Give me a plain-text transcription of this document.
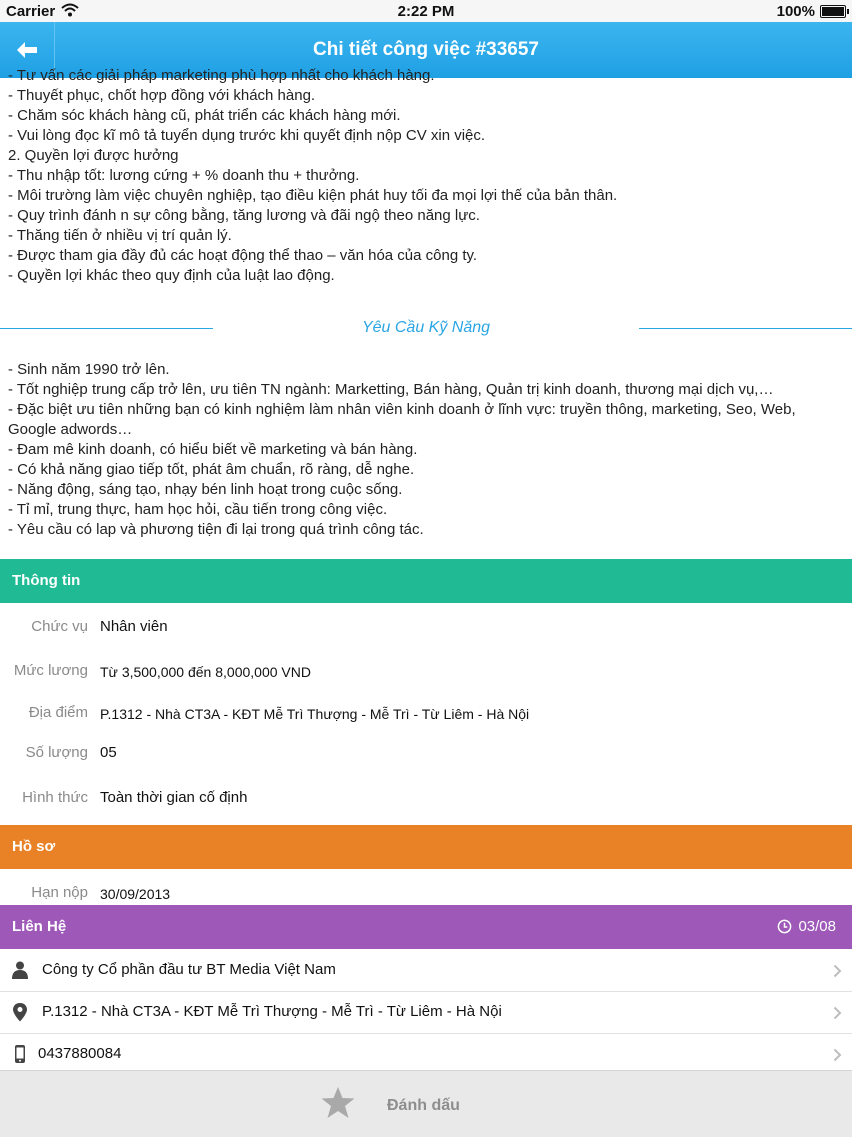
Carrier	2:22 PM	100%
Chi tiết công việc #33657
- Tư vấn các giải pháp marketing phù hợp nhất cho khách hàng.
- Thuyết phục, chốt hợp đồng với khách hàng.
- Chăm sóc khách hàng cũ, phát triển các khách hàng mới.
- Vui lòng đọc kĩ mô tả tuyển dụng trước khi quyết định nộp CV xin việc.
2. Quyền lợi được hưởng
- Thu nhập tốt: lương cứng + % doanh thu + thưởng.
- Môi trường làm việc chuyên nghiệp, tạo điều kiện phát huy tối đa mọi lợi thế của bản thân.
- Quy trình đánh n sự công bằng, tăng lương và đãi ngộ theo năng lực.
- Thăng tiến ở nhiều vị trí quản lý.
- Được tham gia đầy đủ các hoạt động thể thao – văn hóa của công ty.
- Quyền lợi khác theo quy định của luật lao động.
Yêu Cầu Kỹ Năng
- Sinh năm 1990 trở lên.
- Tốt nghiệp trung cấp trở lên, ưu tiên TN ngành: Marketting, Bán hàng, Quản trị kinh doanh, thương mại dịch vụ,…
- Đặc biệt ưu tiên những bạn có kinh nghiệm làm nhân viên kinh doanh ở lĩnh vực: truyền thông, marketing, Seo, Web, Google adwords…
- Đam mê kinh doanh, có hiểu biết về marketing và bán hàng.
- Có khả năng giao tiếp tốt, phát âm chuẩn, rõ ràng, dễ nghe.
- Năng động, sáng tạo, nhạy bén linh hoạt trong cuộc sống.
- Tỉ mỉ, trung thực, ham học hỏi, cầu tiến trong công việc.
- Yêu cầu có lap và phương tiện đi lại trong quá trình công tác.
Thông tin
Chức vụ Nhân viên
Mức lương Từ 3,500,000 đến 8,000,000 VND
Địa điểm P.1312 - Nhà CT3A - KĐT Mễ Trì Thượng - Mễ Trì - Từ Liêm - Hà Nội
Số lượng 05
Hình thức Toàn thời gian cố định
Hồ sơ
Hạn nộp 30/09/2013
Liên Hệ	03/08
Công ty Cổ phần đầu tư BT Media Việt Nam
P.1312 - Nhà CT3A - KĐT Mễ Trì Thượng - Mễ Trì - Từ Liêm - Hà Nội
0437880084
Đánh dấu
